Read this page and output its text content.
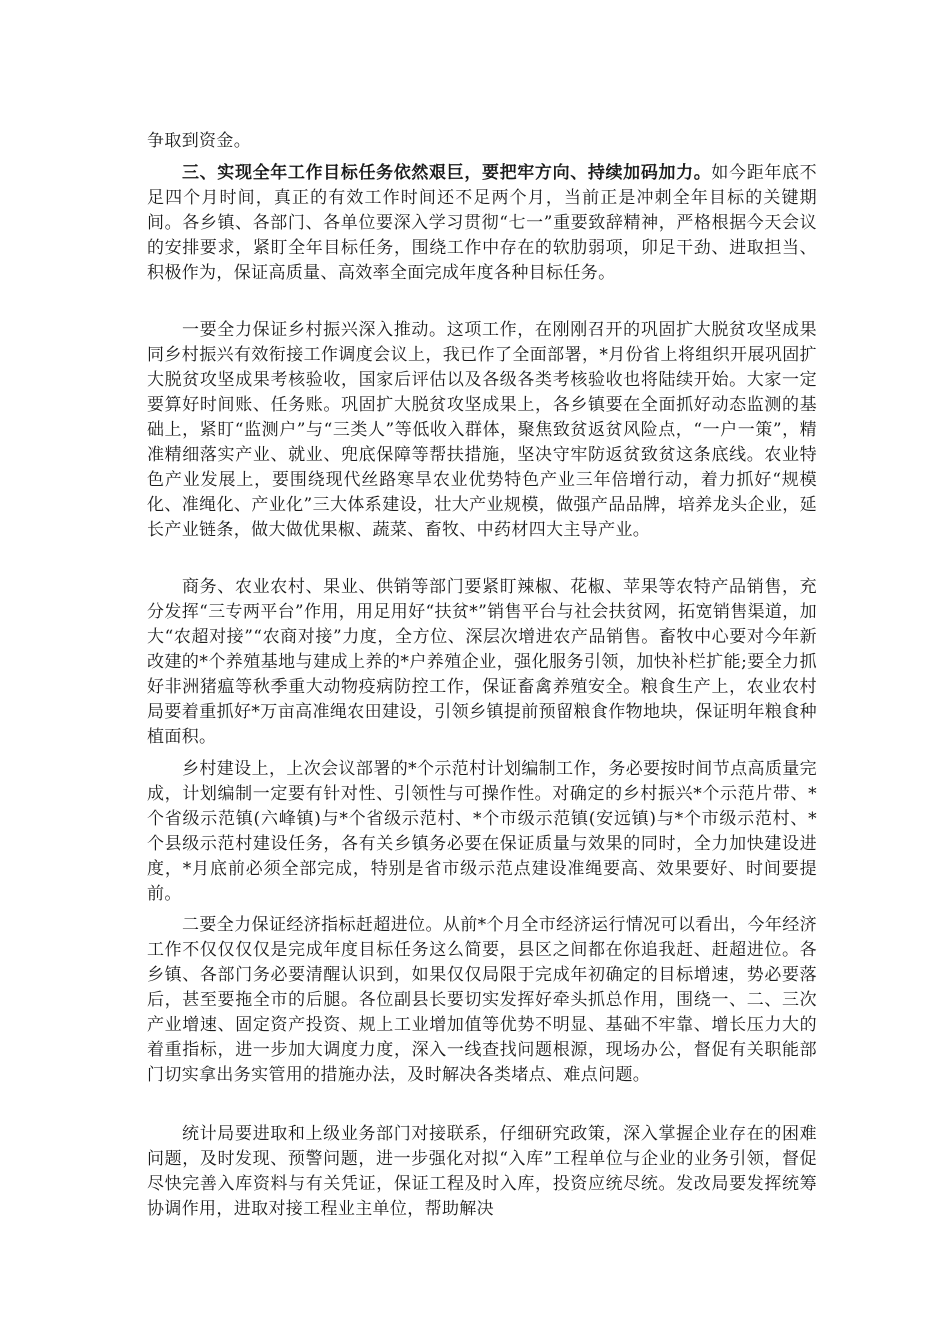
争取到资金。

三、实现全年工作目标任务依然艰巨，要把牢方向、持续加码加力。如今距年底不足四个月时间，真正的有效工作时间还不足两个月，当前正是冲刺全年目标的关键期间。各乡镇、各部门、各单位要深入学习贯彻“七一”重要致辞精神，严格根据今天会议的安排要求，紧盯全年目标任务，围绕工作中存在的软肋弱项，卯足干劲、进取担当、积极作为，保证高质量、高效率全面完成年度各种目标任务。

一要全力保证乡村振兴深入推动。这项工作，在刚刚召开的巩固扩大脱贫攻坚成果同乡村振兴有效衔接工作调度会议上，我已作了全面部署，*月份省上将组织开展巩固扩大脱贫攻坚成果考核验收，国家后评估以及各级各类考核验收也将陆续开始。大家一定要算好时间账、任务账。巩固扩大脱贫攻坚成果上，各乡镇要在全面抓好动态监测的基础上，紧盯“监测户”与“三类人”等低收入群体，聚焦致贫返贫风险点，“一户一策”，精准精细落实产业、就业、兜底保障等帮扶措施，坚决守牢防返贫致贫这条底线。农业特色产业发展上，要围绕现代丝路寒旱农业优势特色产业三年倍增行动，着力抓好“规模化、准绳化、产业化”三大体系建设，壮大产业规模，做强产品品牌，培养龙头企业，延长产业链条，做大做优果椒、蔬菜、畜牧、中药材四大主导产业。

商务、农业农村、果业、供销等部门要紧盯辣椒、花椒、苹果等农特产品销售，充分发挥“三专两平台”作用，用足用好“扶贫*”销售平台与社会扶贫网，拓宽销售渠道，加大“农超对接”“农商对接”力度，全方位、深层次增进农产品销售。畜牧中心要对今年新改建的*个养殖基地与建成上养的*户养殖企业，强化服务引领，加快补栏扩能;要全力抓好非洲猪瘟等秋季重大动物疫病防控工作，保证畜禽养殖安全。粮食生产上，农业农村局要着重抓好*万亩高准绳农田建设，引领乡镇提前预留粮食作物地块，保证明年粮食种植面积。

乡村建设上，上次会议部署的*个示范村计划编制工作，务必要按时间节点高质量完成，计划编制一定要有针对性、引领性与可操作性。对确定的乡村振兴*个示范片带、*个省级示范镇(六峰镇)与*个省级示范村、*个市级示范镇(安远镇)与*个市级示范村、*个县级示范村建设任务，各有关乡镇务必要在保证质量与效果的同时，全力加快建设进度，*月底前必须全部完成，特别是省市级示范点建设准绳要高、效果要好、时间要提前。

二要全力保证经济指标赶超进位。从前*个月全市经济运行情况可以看出，今年经济工作不仅仅仅仅是完成年度目标任务这么简要，县区之间都在你追我赶、赶超进位。各乡镇、各部门务必要清醒认识到，如果仅仅局限于完成年初确定的目标增速，势必要落后，甚至要拖全市的后腿。各位副县长要切实发挥好牵头抓总作用，围绕一、二、三次产业增速、固定资产投资、规上工业增加值等优势不明显、基础不牢靠、增长压力大的着重指标，进一步加大调度力度，深入一线查找问题根源，现场办公，督促有关职能部门切实拿出务实管用的措施办法，及时解决各类堵点、难点问题。

统计局要进取和上级业务部门对接联系，仔细研究政策，深入掌握企业存在的困难问题，及时发现、预警问题，进一步强化对拟“入库”工程单位与企业的业务引领，督促尽快完善入库资料与有关凭证，保证工程及时入库，投资应统尽统。发改局要发挥统筹协调作用，进取对接工程业主单位，帮助解决
